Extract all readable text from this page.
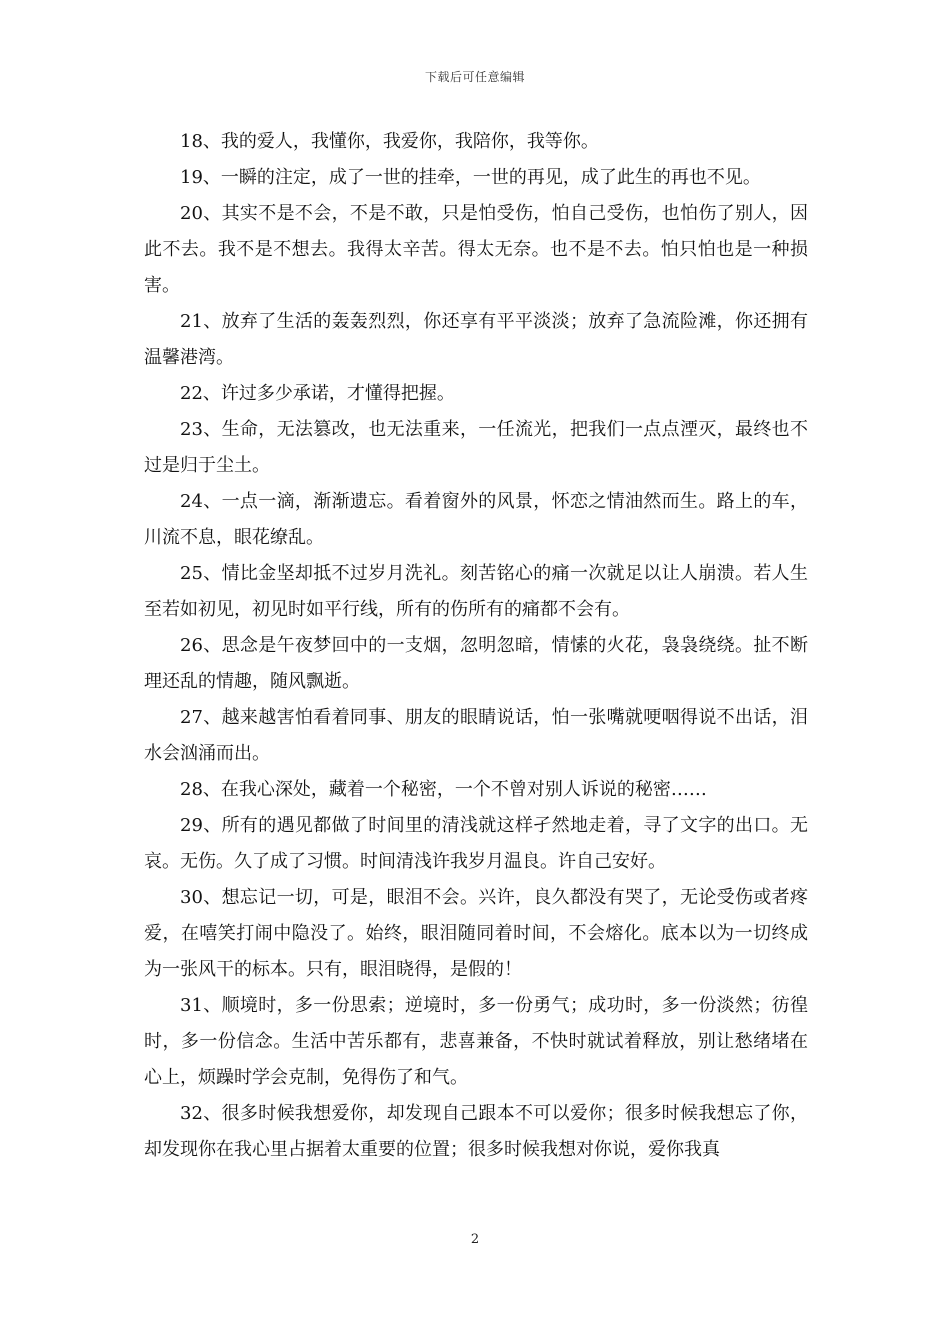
下载后可任意编辑

18、我的爱人，我懂你，我爱你，我陪你，我等你。

19、一瞬的注定，成了一世的挂牵，一世的再见，成了此生的再也不见。

20、其实不是不会，不是不敢，只是怕受伤，怕自己受伤，也怕伤了别人，因此不去。我不是不想去。我得太辛苦。得太无奈。也不是不去。怕只怕也是一种损害。

21、放弃了生活的轰轰烈烈，你还享有平平淡淡；放弃了急流险滩，你还拥有温馨港湾。

22、许过多少承诺，才懂得把握。

23、生命，无法篡改，也无法重来，一任流光，把我们一点点湮灭，最终也不过是归于尘土。

24、一点一滴，渐渐遗忘。看着窗外的风景，怀恋之情油然而生。路上的车，川流不息，眼花缭乱。

25、情比金坚却抵不过岁月洗礼。刻苦铭心的痛一次就足以让人崩溃。若人生至若如初见，初见时如平行线，所有的伤所有的痛都不会有。

26、思念是午夜梦回中的一支烟，忽明忽暗，情愫的火花，袅袅绕绕。扯不断理还乱的情趣，随风飘逝。

27、越来越害怕看着同事、朋友的眼睛说话，怕一张嘴就哽咽得说不出话，泪水会汹涌而出。

28、在我心深处，藏着一个秘密，一个不曾对别人诉说的秘密……

29、所有的遇见都做了时间里的清浅就这样孑然地走着，寻了文字的出口。无哀。无伤。久了成了习惯。时间清浅许我岁月温良。许自己安好。

30、想忘记一切，可是，眼泪不会。兴许，良久都没有哭了，无论受伤或者疼爱，在嘻笑打闹中隐没了。始终，眼泪随同着时间，不会熔化。底本以为一切终成为一张风干的标本。只有，眼泪晓得，是假的！

31、顺境时，多一份思索；逆境时，多一份勇气；成功时，多一份淡然；彷徨时，多一份信念。生活中苦乐都有，悲喜兼备，不快时就试着释放，别让愁绪堵在心上，烦躁时学会克制，免得伤了和气。

32、很多时候我想爱你，却发现自己跟本不可以爱你；很多时候我想忘了你，却发现你在我心里占据着太重要的位置；很多时候我想对你说，爱你我真

2
